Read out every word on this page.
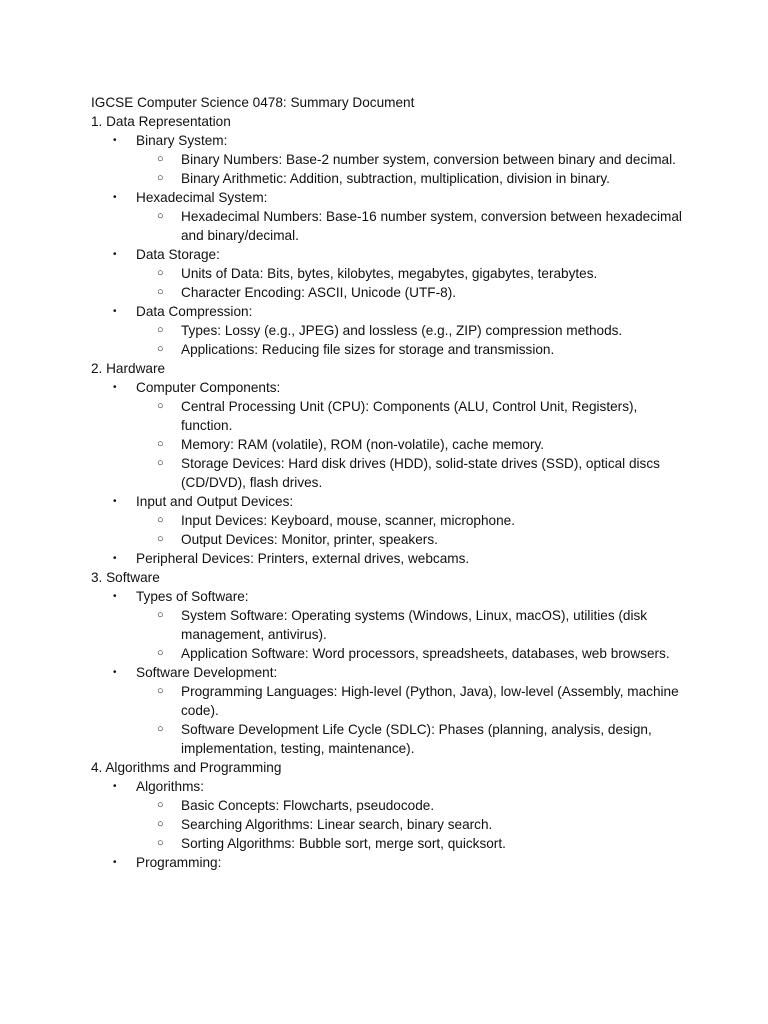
IGCSE Computer Science 0478: Summary Document
1. Data Representation
•	Binary System:
○ Binary Numbers: Base-2 number system, conversion between binary and decimal.
○ Binary Arithmetic: Addition, subtraction, multiplication, division in binary.
•	Hexadecimal System:
○ Hexadecimal Numbers: Base-16 number system, conversion between hexadecimal and binary/decimal.
•	Data Storage:
○ Units of Data: Bits, bytes, kilobytes, megabytes, gigabytes, terabytes.
○ Character Encoding: ASCII, Unicode (UTF-8).
•	Data Compression:
○ Types: Lossy (e.g., JPEG) and lossless (e.g., ZIP) compression methods.
○ Applications: Reducing file sizes for storage and transmission.
2. Hardware
•	Computer Components:
○ Central Processing Unit (CPU): Components (ALU, Control Unit, Registers), function.
○ Memory: RAM (volatile), ROM (non-volatile), cache memory.
○ Storage Devices: Hard disk drives (HDD), solid-state drives (SSD), optical discs (CD/DVD), flash drives.
•	Input and Output Devices:
○ Input Devices: Keyboard, mouse, scanner, microphone.
○ Output Devices: Monitor, printer, speakers.
•	Peripheral Devices: Printers, external drives, webcams.
3. Software
•	Types of Software:
○ System Software: Operating systems (Windows, Linux, macOS), utilities (disk management, antivirus).
○ Application Software: Word processors, spreadsheets, databases, web browsers.
•	Software Development:
○ Programming Languages: High-level (Python, Java), low-level (Assembly, machine code).
○ Software Development Life Cycle (SDLC): Phases (planning, analysis, design, implementation, testing, maintenance).
4. Algorithms and Programming
•	Algorithms:
○ Basic Concepts: Flowcharts, pseudocode.
○ Searching Algorithms: Linear search, binary search.
○ Sorting Algorithms: Bubble sort, merge sort, quicksort.
•	Programming:
